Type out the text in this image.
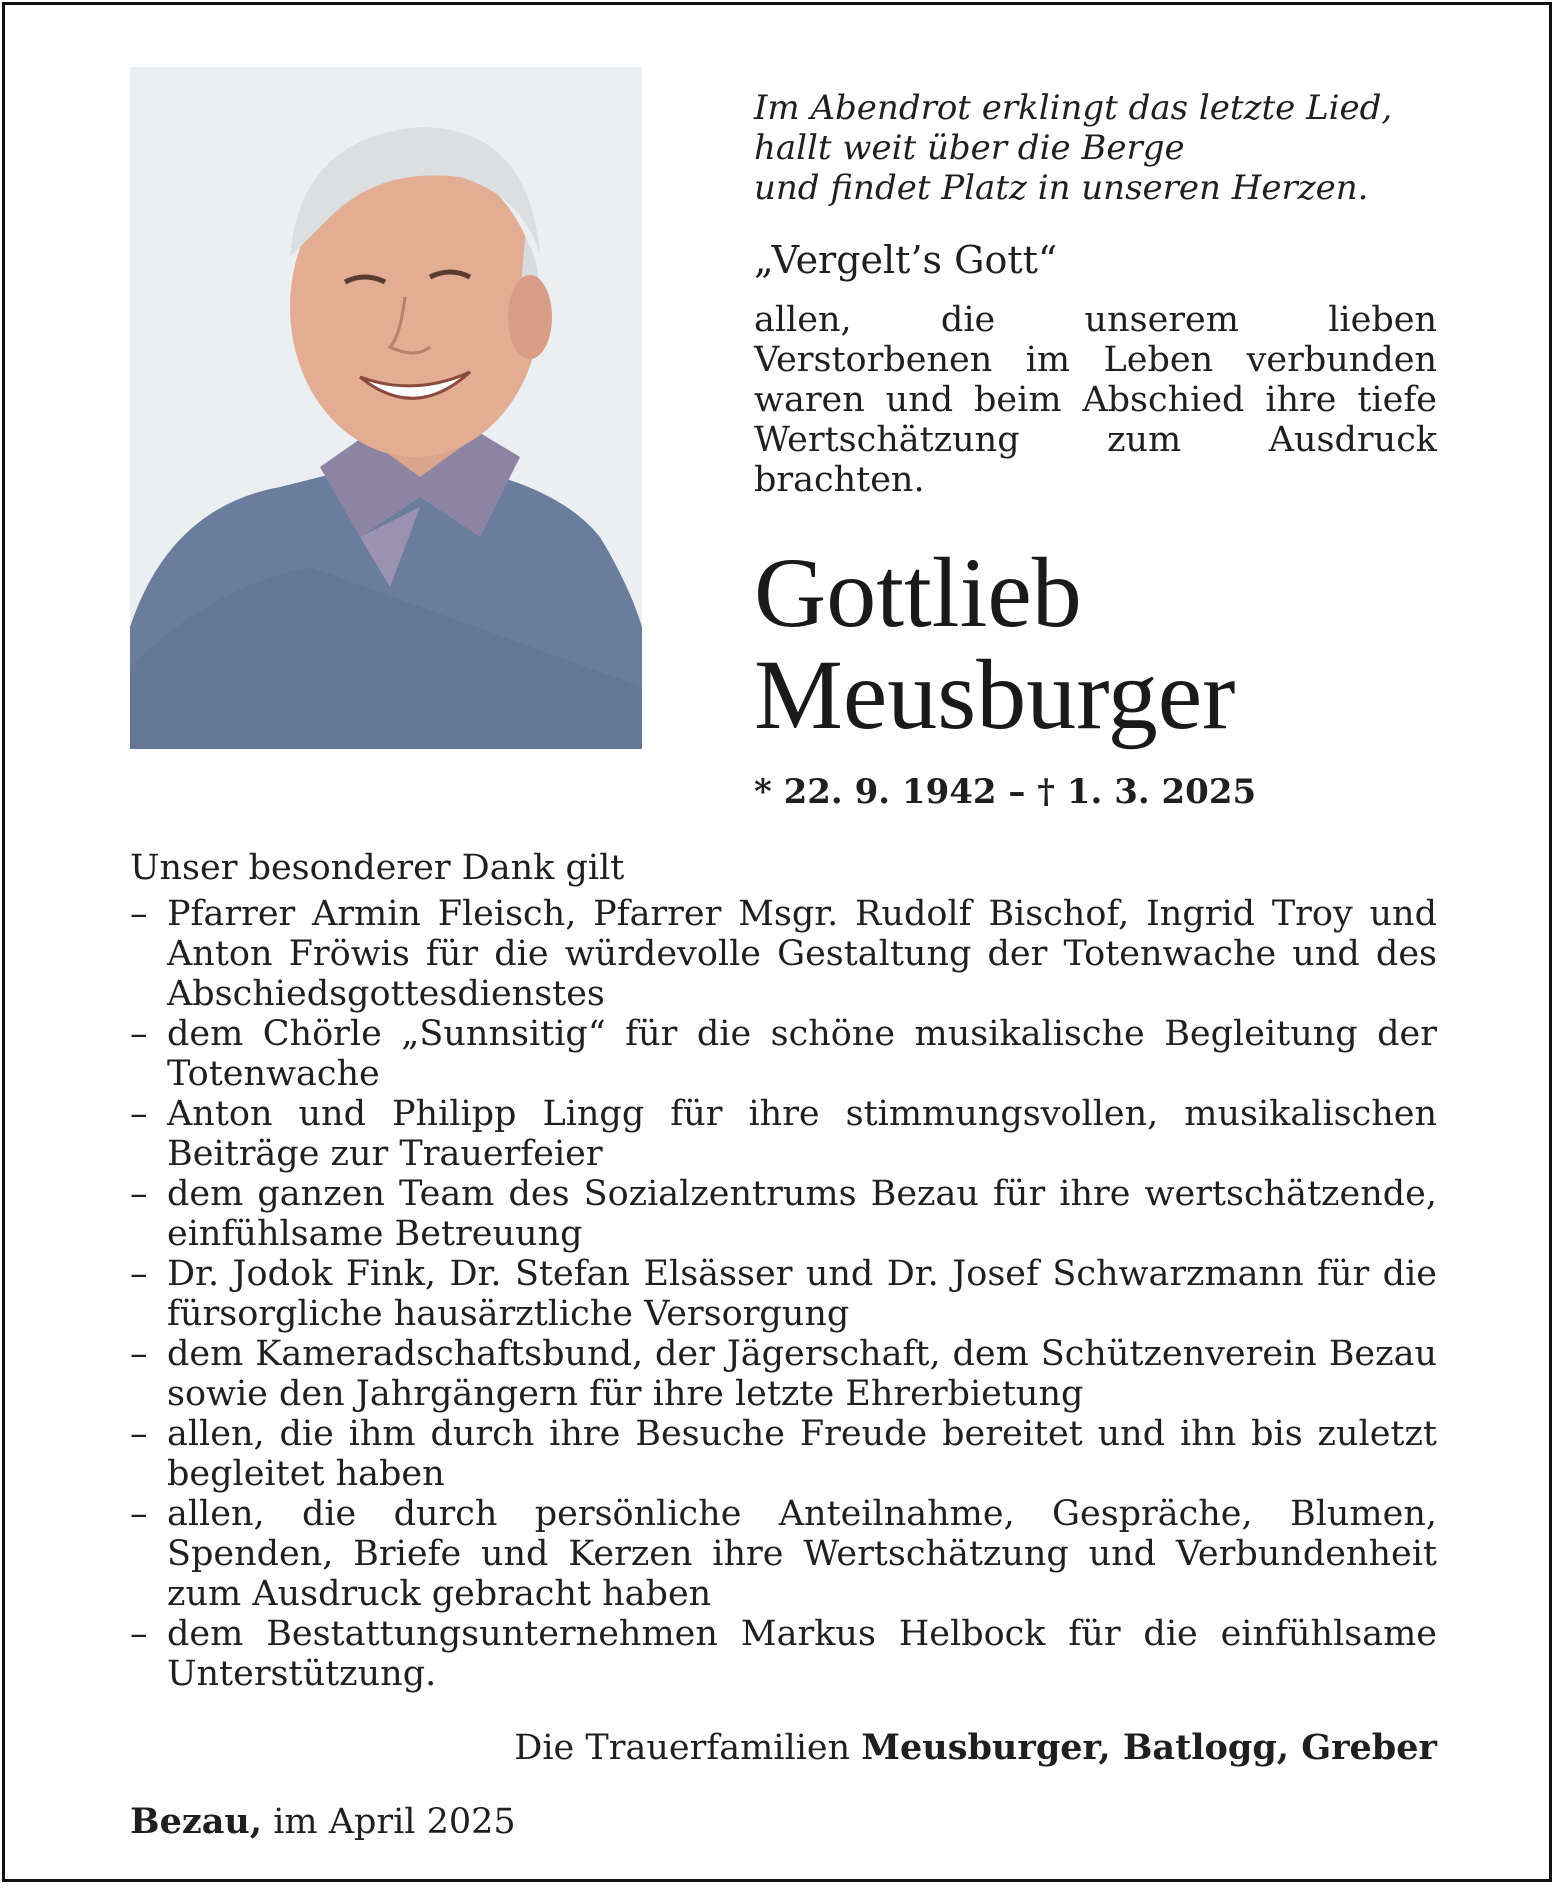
Im Abendrot erklingt das letzte Lied,
hallt weit über die Berge
und findet Platz in unseren Herzen.
„Vergelt’s Gott“
allen, die unserem lieben Verstorbenen im Leben verbunden waren und beim Abschied ihre tiefe Wertschätzung zum Ausdruck brachten.
Gottlieb
Meusburger
* 22. 9. 1942 – † 1. 3. 2025
Unser besonderer Dank gilt
– Pfarrer Armin Fleisch, Pfarrer Msgr. Rudolf Bischof, Ingrid Troy und Anton Fröwis für die würdevolle Gestaltung der Totenwache und des Abschiedsgottesdienstes
– dem Chörle „Sunnsitig“ für die schöne musikalische Begleitung der Totenwache
– Anton und Philipp Lingg für ihre stimmungsvollen, musikalischen Beiträge zur Trauerfeier
– dem ganzen Team des Sozialzentrums Bezau für ihre wertschätzende, einfühlsame Betreuung
– Dr. Jodok Fink, Dr. Stefan Elsässer und Dr. Josef Schwarzmann für die fürsorgliche hausärztliche Versorgung
– dem Kameradschaftsbund, der Jägerschaft, dem Schützenverein Bezau sowie den Jahrgängern für ihre letzte Ehrerbietung
– allen, die ihm durch ihre Besuche Freude bereitet und ihn bis zuletzt begleitet haben
– allen, die durch persönliche Anteilnahme, Gespräche, Blumen, Spenden, Briefe und Kerzen ihre Wertschätzung und Verbundenheit zum Ausdruck gebracht haben
– dem Bestattungsunternehmen Markus Helbock für die einfühlsame Unterstützung.
Die Trauerfamilien Meusburger, Batlogg, Greber
Bezau, im April 2025
